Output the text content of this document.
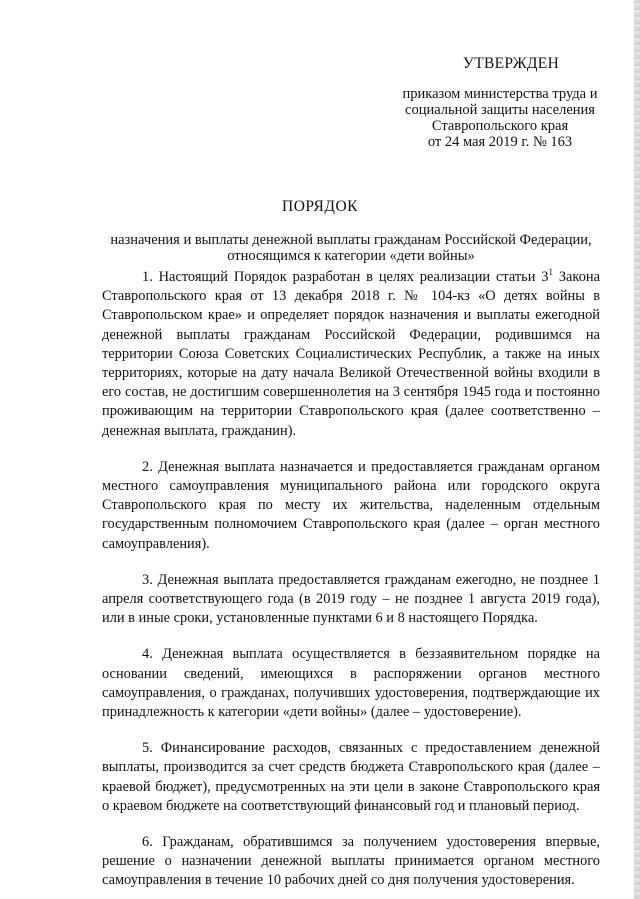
УТВЕРЖДЕН
приказом министерства труда и
социальной защиты населения
Ставропольского края
от 24 мая 2019 г. № 163
ПОРЯДОК
назначения и выплаты денежной выплаты гражданам Российской Федерации,
относящимся к категории «дети войны»

1. Настоящий Порядок разработан в целях реализации статьи $3^1$ Закона Ставропольского края от 13 декабря 2018 г. № 104-кз «О детях войны в Ставропольском крае» и определяет порядок назначения и выплаты ежегодной денежной выплаты гражданам Российской Федерации, родившимся на территории Союза Советских Социалистических Республик, а также на иных территориях, которые на дату начала Великой Отечественной войны входили в его состав, не достигшим совершеннолетия на 3 сентября 1945 года и постоянно проживающим на территории Ставропольского края (далее соответственно – денежная выплата, гражданин).

2. Денежная выплата назначается и предоставляется гражданам органом местного самоуправления муниципального района или городского округа Ставропольского края по месту их жительства, наделенным отдельным государственным полномочием Ставропольского края (далее – орган местного самоуправления).

3. Денежная выплата предоставляется гражданам ежегодно, не позднее 1 апреля соответствующего года (в 2019 году – не позднее 1 августа 2019 года), или в иные сроки, установленные пунктами 6 и 8 настоящего Порядка.

4. Денежная выплата осуществляется в беззаявительном порядке на основании сведений, имеющихся в распоряжении органов местного самоуправления, о гражданах, получивших удостоверения, подтверждающие их принадлежность к категории «дети войны» (далее – удостоверение).

5. Финансирование расходов, связанных с предоставлением денежной выплаты, производится за счет средств бюджета Ставропольского края (далее – краевой бюджет), предусмотренных на эти цели в законе Ставропольского края о краевом бюджете на соответствующий финансовый год и плановый период.

6. Гражданам, обратившимся за получением удостоверения впервые, решение о назначении денежной выплаты принимается органом местного самоуправления в течение 10 рабочих дней со дня получения удостоверения.
